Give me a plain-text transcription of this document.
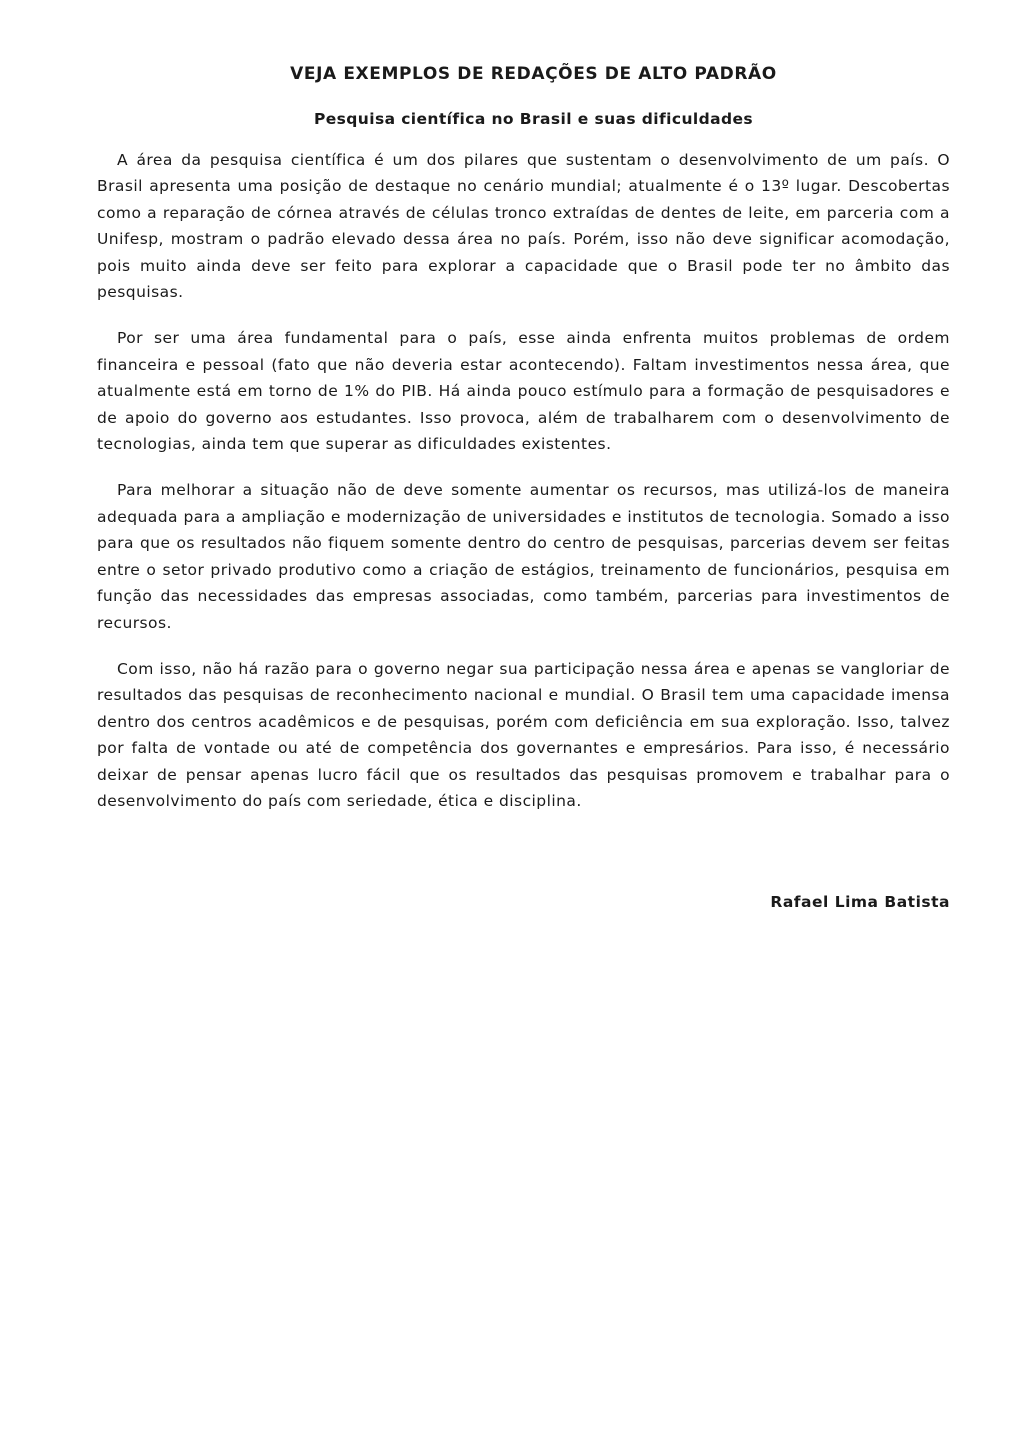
VEJA EXEMPLOS DE REDAÇÕES DE ALTO PADRÃO
Pesquisa científica no Brasil e suas dificuldades

A área da pesquisa científica é um dos pilares que sustentam o desenvolvimento de um país. O Brasil apresenta uma posição de destaque no cenário mundial; atualmente é o 13º lugar. Descobertas como a reparação de córnea através de células tronco extraídas de dentes de leite, em parceria com a Unifesp, mostram o padrão elevado dessa área no país. Porém, isso não deve significar acomodação, pois muito ainda deve ser feito para explorar a capacidade que o Brasil pode ter no âmbito das pesquisas.

Por ser uma área fundamental para o país, esse ainda enfrenta muitos problemas de ordem financeira e pessoal (fato que não deveria estar acontecendo). Faltam investimentos nessa área, que atualmente está em torno de 1% do PIB. Há ainda pouco estímulo para a formação de pesquisadores e de apoio do governo aos estudantes. Isso provoca, além de trabalharem com o desenvolvimento de tecnologias, ainda tem que superar as dificuldades existentes.

Para melhorar a situação não de deve somente aumentar os recursos, mas utilizá-los de maneira adequada para a ampliação e modernização de universidades e institutos de tecnologia. Somado a isso para que os resultados não fiquem somente dentro do centro de pesquisas, parcerias devem ser feitas entre o setor privado produtivo como a criação de estágios, treinamento de funcionários, pesquisa em função das necessidades das empresas associadas, como também, parcerias para investimentos de recursos.

Com isso, não há razão para o governo negar sua participação nessa área e apenas se vangloriar de resultados das pesquisas de reconhecimento nacional e mundial. O Brasil tem uma capacidade imensa dentro dos centros acadêmicos e de pesquisas, porém com deficiência em sua exploração. Isso, talvez por falta de vontade ou até de competência dos governantes e empresários. Para isso, é necessário deixar de pensar apenas lucro fácil que os resultados das pesquisas promovem e trabalhar para o desenvolvimento do país com seriedade, ética e disciplina.

Rafael Lima Batista
